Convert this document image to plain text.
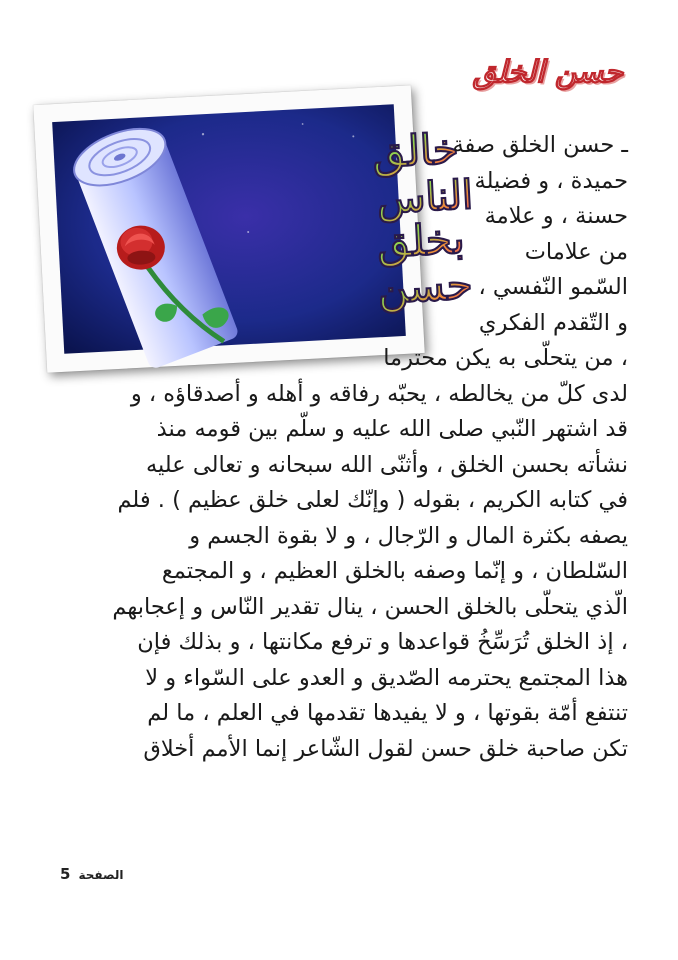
حسن الخلق
خالق
الناس
بخلق
حسن
ـ حسن الخلق صفة
حميدة ، و فضيلة
حسنة ، و علامة
من علامات
السّمو النّفسي ،
و التّقدم الفكري
، من يتحلّى به يكن محترما
لدى كلّ من يخالطه ، يحبّه رفاقه و أهله و أصدقاؤه ، و
قد اشتهر النّبي صلى الله عليه و سلّم بين قومه منذ
نشأته بحسن الخلق ، وأثنّى الله سبحانه و تعالى عليه
في كتابه الكريم ، بقوله ( وإنّك لعلى خلق عظيم ) . فلم
يصفه بكثرة المال و الرّجال ، و لا بقوة الجسم و
السّلطان ، و إنّما وصفه بالخلق العظيم ، و المجتمع
الّذي يتحلّى بالخلق الحسن ، ينال تقدير النّاس و إعجابهم
، إذ الخلق تُرَسِّخُ قواعدها و ترفع مكانتها ، و بذلك فإن
هذا المجتمع يحترمه الصّديق و العدو على السّواء و لا
تنتفع أمّة بقوتها ، و لا يفيدها تقدمها في العلم ، ما لم
تكن صاحبة خلق حسن لقول الشّاعر إنما الأمم أخلاق
5 الصفحة
